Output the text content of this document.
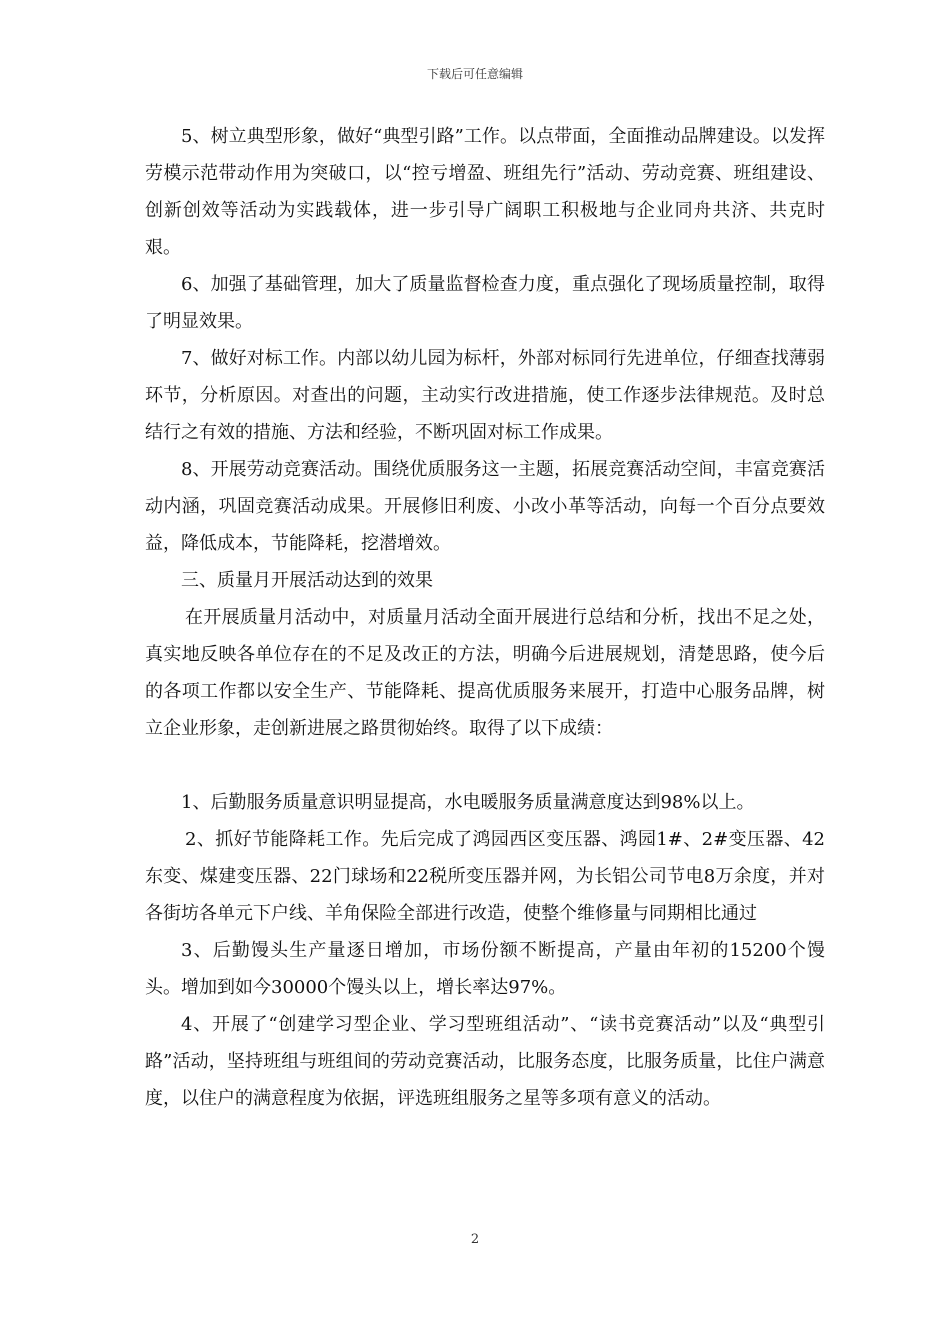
下载后可任意编辑

5、树立典型形象，做好“典型引路”工作。以点带面，全面推动品牌建设。以发挥劳模示范带动作用为突破口，以“控亏增盈、班组先行”活动、劳动竞赛、班组建设、创新创效等活动为实践载体，进一步引导广阔职工积极地与企业同舟共济、共克时艰。

6、加强了基础管理，加大了质量监督检查力度，重点强化了现场质量控制，取得了明显效果。

7、做好对标工作。内部以幼儿园为标杆，外部对标同行先进单位，仔细查找薄弱环节，分析原因。对查出的问题，主动实行改进措施，使工作逐步法律规范。及时总结行之有效的措施、方法和经验，不断巩固对标工作成果。

8、开展劳动竞赛活动。围绕优质服务这一主题，拓展竞赛活动空间，丰富竞赛活动内涵，巩固竞赛活动成果。开展修旧利废、小改小革等活动，向每一个百分点要效益，降低成本，节能降耗，挖潜增效。

三、质量月开展活动达到的效果

在开展质量月活动中，对质量月活动全面开展进行总结和分析，找出不足之处，真实地反映各单位存在的不足及改正的方法，明确今后进展规划，清楚思路，使今后的各项工作都以安全生产、节能降耗、提高优质服务来展开，打造中心服务品牌，树立企业形象，走创新进展之路贯彻始终。取得了以下成绩：

1、后勤服务质量意识明显提高，水电暖服务质量满意度达到98%以上。

2、抓好节能降耗工作。先后完成了鸿园西区变压器、鸿园1#、2#变压器、42东变、煤建变压器、22门球场和22税所变压器并网，为长铝公司节电8万余度，并对各街坊各单元下户线、羊角保险全部进行改造，使整个维修量与同期相比通过

3、后勤馒头生产量逐日增加，市场份额不断提高，产量由年初的15200个馒头。增加到如今30000个馒头以上，增长率达97%。

4、开展了“创建学习型企业、学习型班组活动”、“读书竞赛活动”以及“典型引路”活动，坚持班组与班组间的劳动竞赛活动，比服务态度，比服务质量，比住户满意度，以住户的满意程度为依据，评选班组服务之星等多项有意义的活动。

2
